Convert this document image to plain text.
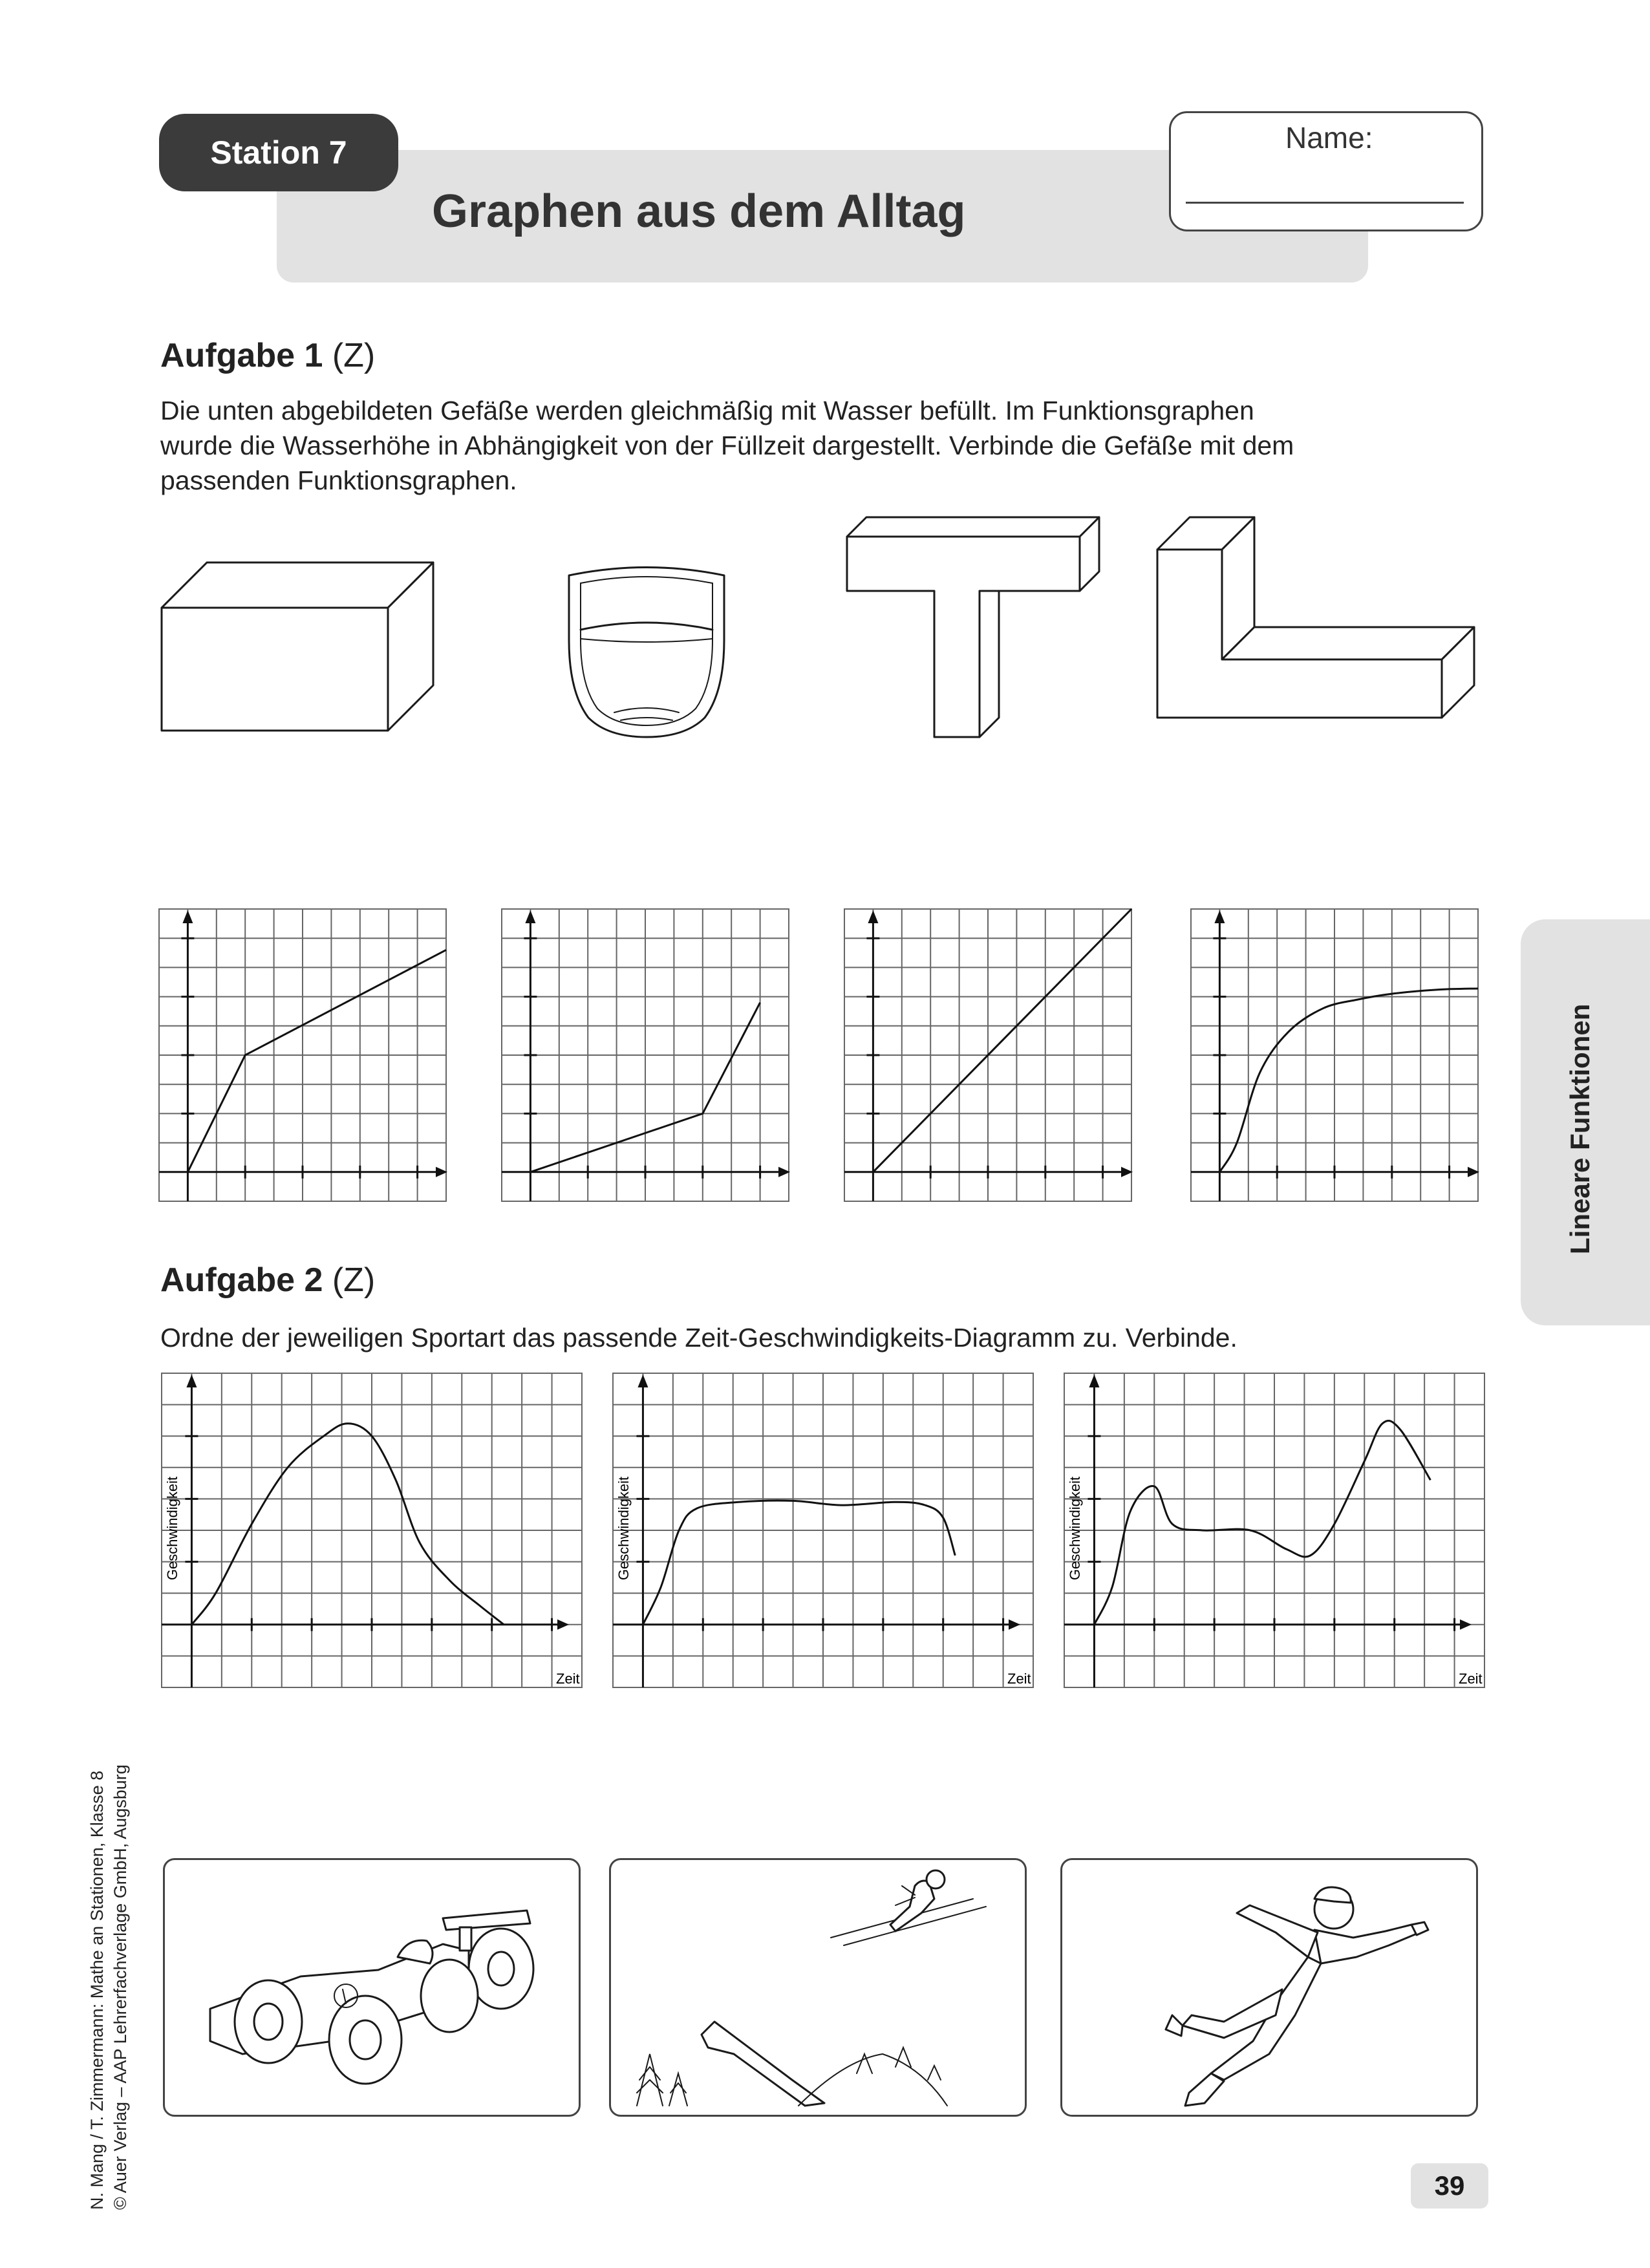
Station 7
Graphen aus dem Alltag
Name:
Aufgabe 1 (Z)
Die unten abgebildeten Gefäße werden gleichmäßig mit Wasser befüllt. Im Funktionsgraphen
wurde die Wasserhöhe in Abhängigkeit von der Füllzeit dargestellt. Verbinde die Gefäße mit dem
passenden Funktionsgraphen.
Aufgabe 2 (Z)
Ordne der jeweiligen Sportart das passende Zeit-Geschwindigkeits-Diagramm zu. Verbinde.
Geschwindigkeit
Zeit
Geschwindigkeit
Zeit
Geschwindigkeit
Zeit
Lineare Funktionen
N. Mang / T. Zimmermann: Mathe an Stationen, Klasse 8 © Auer Verlag – AAP Lehrerfachverlage GmbH, Augsburg	39
